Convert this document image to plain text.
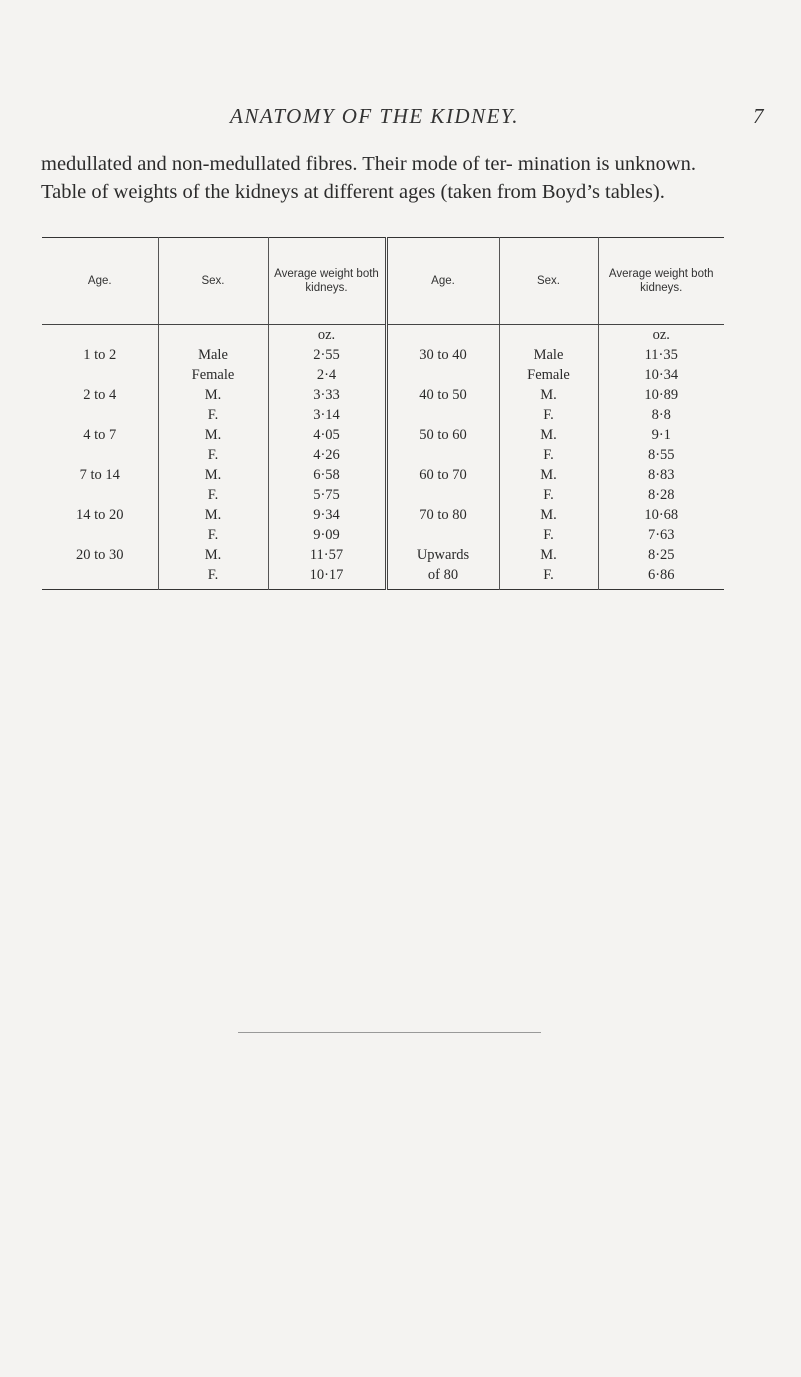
ANATOMY OF THE KIDNEY.	7

medullated and non-medullated fibres. Their mode of ter- mination is unknown.

Table of weights of the kidneys at different ages (taken from Boyd’s tables).

Age.	Sex.	Average weight both kidneys.	Age.	Sex.	Average weight both kidneys.
		oz.			oz.
1 to 2	Male	2·55	30 to 40	Male	11·35
	Female	2·4		Female	10·34
2 to 4	M.	3·33	40 to 50	M.	10·89
	F.	3·14		F.	8·8
4 to 7	M.	4·05	50 to 60	M.	9·1
	F.	4·26		F.	8·55
7 to 14	M.	6·58	60 to 70	M.	8·83
	F.	5·75		F.	8·28
14 to 20	M.	9·34	70 to 80	M.	10·68
	F.	9·09		F.	7·63
20 to 30	M.	11·57	Upwards	M.	8·25
	F.	10·17	of 80	F.	6·86
